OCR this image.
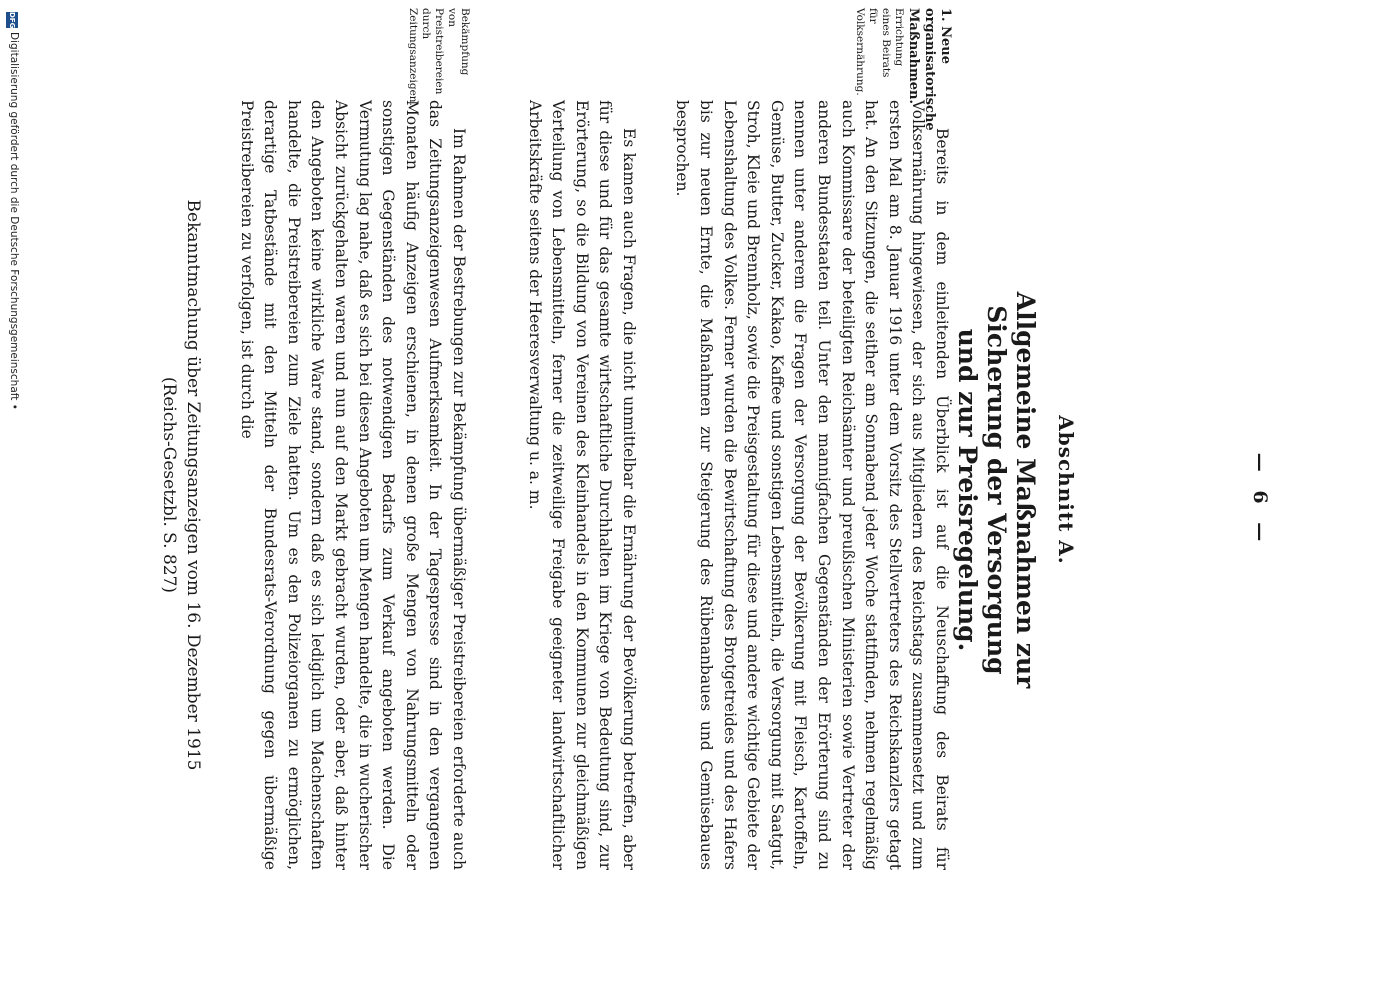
— 6 —
Abschnitt A.
Allgemeine Maßnahmen zur Sicherung der Versorgung
und zur Preisregelung.

Bereits in dem einleitenden Überblick ist auf die Neuschaffung des Beirats für Volksernährung hingewiesen, der sich aus Mitgliedern des Reichstags zusammensetzt und zum ersten Mal am 8. Januar 1916 unter dem Vorsitz des Stellvertreters des Reichskanzlers getagt hat. An den Sitzungen, die seither am Sonnabend jeder Woche stattfinden, nehmen regelmäßig auch Kommissare der beteiligten Reichsämter und preußischen Ministerien sowie Vertreter der anderen Bundesstaaten teil. Unter den mannigfachen Gegenständen der Erörterung sind zu nennen unter anderem die Fragen der Versorgung der Bevölkerung mit Fleisch, Kartoffeln, Gemüse, Butter, Zucker, Kakao, Kaffee und sonstigen Lebensmitteln, die Versorgung mit Saatgut, Stroh, Kleie und Brennholz, sowie die Preisgestaltung für diese und andere wichtige Gebiete der Lebenshaltung des Volkes. Ferner wurden die Bewirtschaftung des Brotgetreides und des Hafers bis zur neuen Ernte, die Maßnahmen zur Steigerung des Rübenanbaues und Gemüsebaues besprochen.

Es kamen auch Fragen, die nicht unmittelbar die Ernährung der Bevölkerung betreffen, aber für diese und für das gesamte wirtschaftliche Durchhalten im Kriege von Bedeutung sind, zur Erörterung, so die Bildung von Vereinen des Kleinhandels in den Kommunen zur gleichmäßigen Verteilung von Lebensmitteln, ferner die zeitweilige Freigabe geeigneter landwirtschaftlicher Arbeitskräfte seitens der Heeresverwaltung u. a. m.

Im Rahmen der Bestrebungen zur Bekämpfung übermäßiger Preistreibereien erforderte auch das Zeitungsanzeigenwesen Aufmerksamkeit. In der Tagespresse sind in den vergangenen Monaten häufig Anzeigen erschienen, in denen große Mengen von Nahrungsmitteln oder sonstigen Gegenständen des notwendigen Bedarfs zum Verkauf angeboten werden. Die Vermutung lag nahe, daß es sich bei diesen Angeboten um Mengen handelte, die in wucherischer Absicht zurückgehalten waren und nun auf den Markt gebracht wurden, oder aber, daß hinter den Angeboten keine wirkliche Ware stand, sondern daß es sich lediglich um Machenschaften handelte, die Preistreibereien zum Ziele hatten. Um es den Polizeiorganen zu ermöglichen, derartige Tatbestände mit den Mitteln der Bundesrats-Verordnung gegen übermäßige Preistreibereien zu verfolgen, ist durch die

Bekanntmachung über Zeitungsanzeigen vom 16. Dezember 1915
(Reichs-Gesetzbl. S. 827)
1. Neue organisatorische Maßnahmen.
Errichtung eines Beirats für Volksernährung.
Bekämpfung von Preistreibereien durch Zeitungsanzeigen.
DFG
Digitalisierung gefördert durch die Deutsche Forschungsgemeinschaft •
